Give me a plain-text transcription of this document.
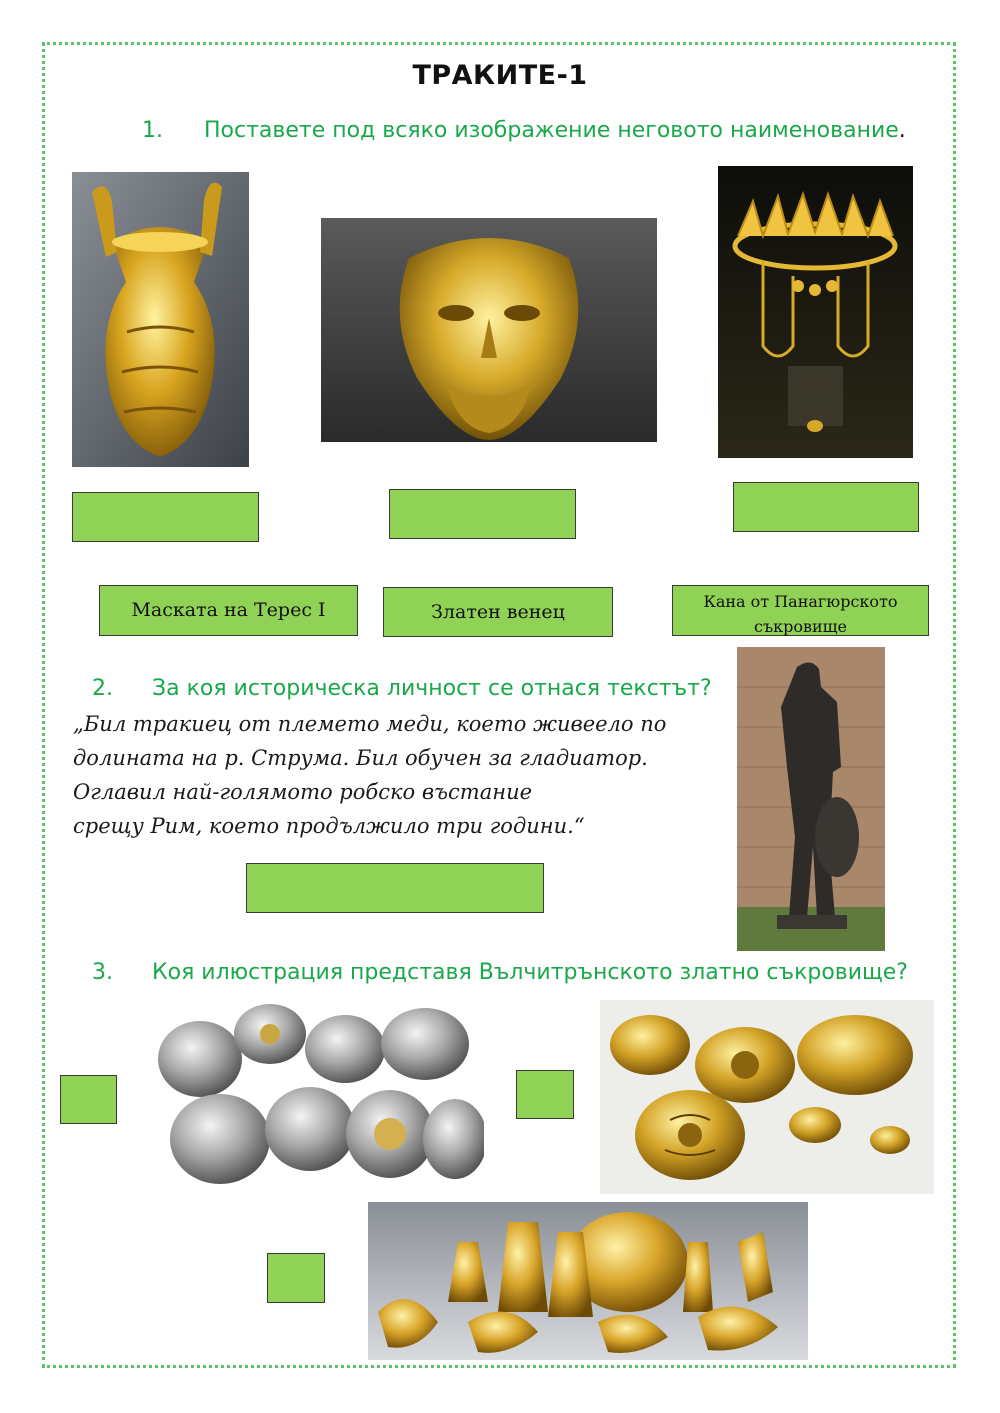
ТРАКИТЕ-1
1. Поставете под всяко изображение неговото наименование.
Маската на Терес I	Златен венец	Кана от Панагюрското съкровище
2. За коя историческа личност се отнася текстът?
„Бил тракиец от племето меди, което живеело по
долината на р. Струма. Бил обучен за гладиатор.
Оглавил най-голямото робско въстание
срещу Рим, което продължило три години.“
3. Коя илюстрация представя Вълчитрънското златно съкровище?
